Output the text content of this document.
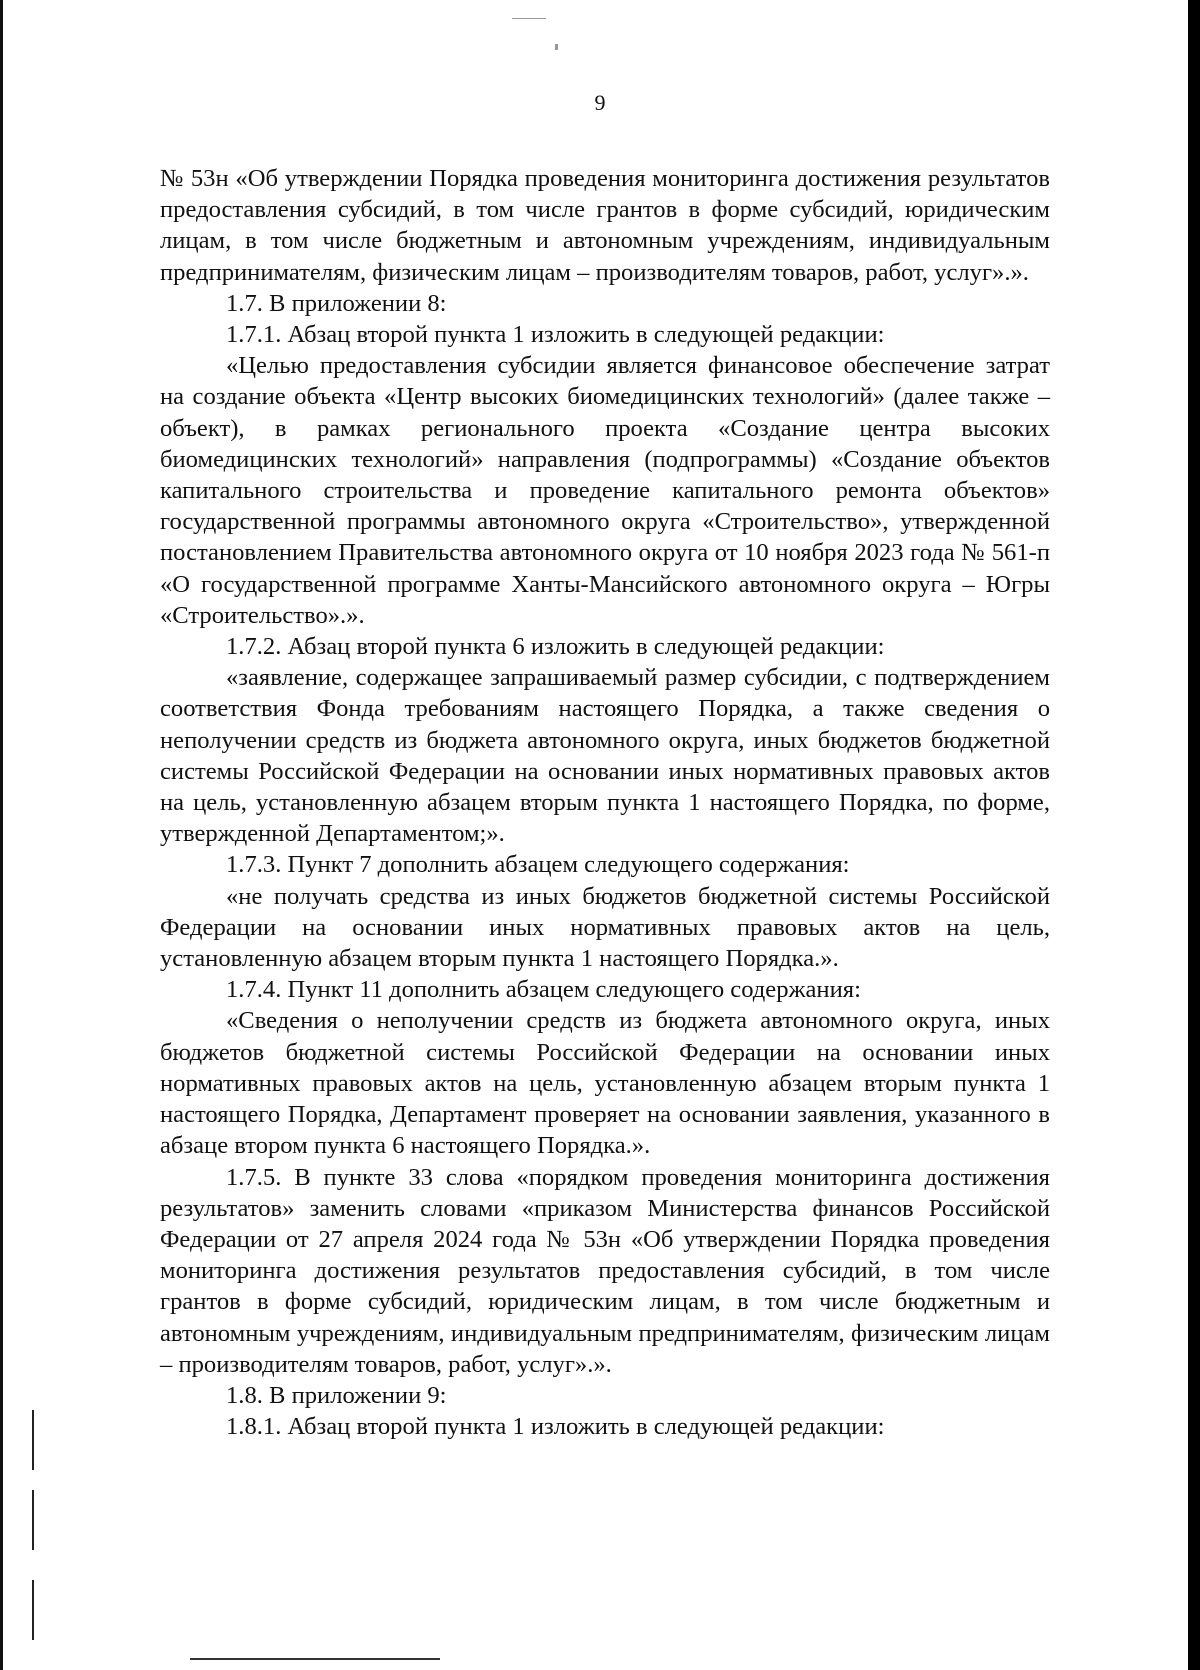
9

№ 53н «Об утверждении Порядка проведения мониторинга достижения результатов предоставления субсидий, в том числе грантов в форме субсидий, юридическим лицам, в том числе бюджетным и автономным учреждениям, индивидуальным предпринимателям, физическим лицам – производителям товаров, работ, услуг».».

1.7. В приложении 8:

1.7.1. Абзац второй пункта 1 изложить в следующей редакции:

«Целью предоставления субсидии является финансовое обеспечение затрат на создание объекта «Центр высоких биомедицинских технологий» (далее также – объект), в рамках регионального проекта «Создание центра высоких биомедицинских технологий» направления (подпрограммы) «Создание объектов капитального строительства и проведение капитального ремонта объектов» государственной программы автономного округа «Строительство», утвержденной постановлением Правительства автономного округа от 10 ноября 2023 года № 561-п «О государственной программе Ханты-Мансийского автономного округа – Югры «Строительство».».

1.7.2. Абзац второй пункта 6 изложить в следующей редакции:

«заявление, содержащее запрашиваемый размер субсидии, с подтверждением соответствия Фонда требованиям настоящего Порядка, а также сведения о неполучении средств из бюджета автономного округа, иных бюджетов бюджетной системы Российской Федерации на основании иных нормативных правовых актов на цель, установленную абзацем вторым пункта 1 настоящего Порядка, по форме, утвержденной Департаментом;».

1.7.3. Пункт 7 дополнить абзацем следующего содержания:

«не получать средства из иных бюджетов бюджетной системы Российской Федерации на основании иных нормативных правовых актов на цель, установленную абзацем вторым пункта 1 настоящего Порядка.».

1.7.4. Пункт 11 дополнить абзацем следующего содержания:

«Сведения о неполучении средств из бюджета автономного округа, иных бюджетов бюджетной системы Российской Федерации на основании иных нормативных правовых актов на цель, установленную абзацем вторым пункта 1 настоящего Порядка, Департамент проверяет на основании заявления, указанного в абзаце втором пункта 6 настоящего Порядка.».

1.7.5. В пункте 33 слова «порядком проведения мониторинга достижения результатов» заменить словами «приказом Министерства финансов Российской Федерации от 27 апреля 2024 года № 53н «Об утверждении Порядка проведения мониторинга достижения результатов предоставления субсидий, в том числе грантов в форме субсидий, юридическим лицам, в том числе бюджетным и автономным учреждениям, индивидуальным предпринимателям, физическим лицам – производителям товаров, работ, услуг».».

1.8. В приложении 9:

1.8.1. Абзац второй пункта 1 изложить в следующей редакции:
